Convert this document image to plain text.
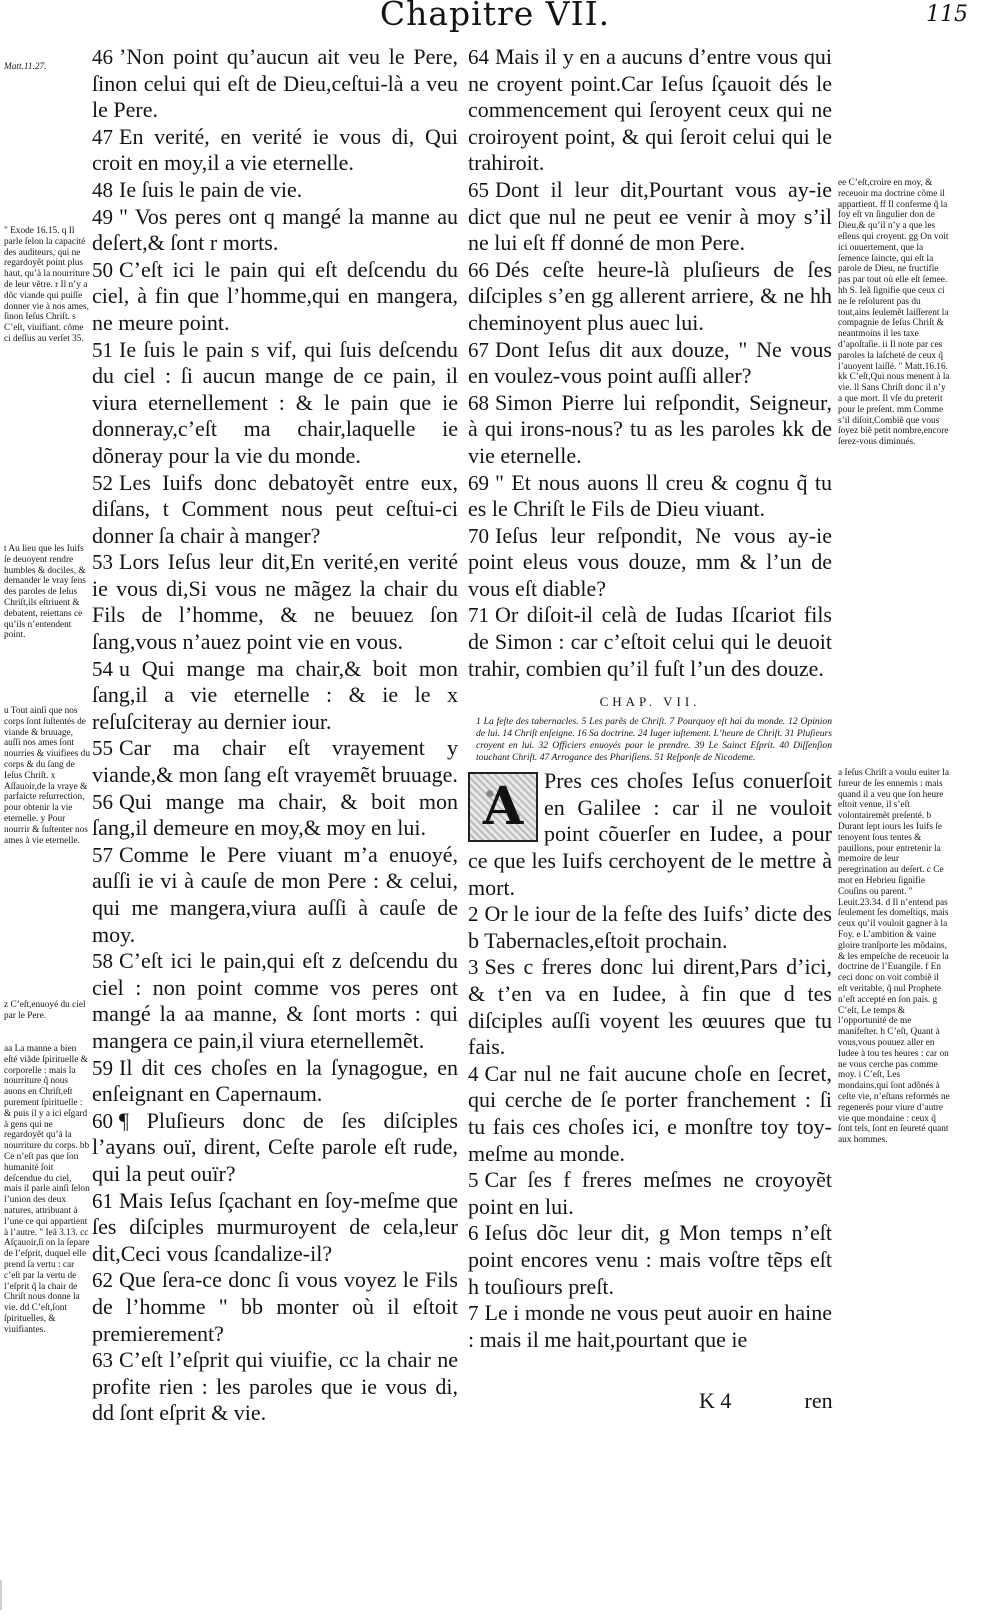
Chapitre VII.	115

Matt.11.27.

" Exode 16.15. q Il parle ſelon la capacité des auditeurs, qui ne regardoyẽt point plus haut, qu’à la nourriture de leur vẽtre. r Il n’y a dõc viande qui puiſſe donner vie à nos ames, ſinon Ieſus Chriſt. s C’eſt, viuifiant. cõme ci deſſus au verſet 35.

t Au lieu que les Iuifs ſe deuoyent rendre humbles & dociles, & demander le vray ſens des paroles de Ieſus Chriſt,ils eſtriuent & debatent, reiettans ce qu’ils n’entendent point.

u Tout ainſi que nos corps ſont ſuſtentés de viande & bruuage, auſſi nos ames ſont nourries & viuifiees du corps & du ſang de Ieſus Chriſt. x Aſſauoir,de la vraye & parfaicte reſurrection, pour obtenir la vie eternelle. y Pour nourrir & ſuſtenter nos ames à vie eternelle.

z C’eſt,enuoyé du ciel par le Pere.

aa La manne a bien eſté viãde ſpirituelle & corporelle : mais la nourriture q̃ nous auons en Chriſt,eſt purement ſpirituelle : & puis il y a ici eſgard à gens qui ne regardoyẽt qu’à la nourriture du corps. bb Ce n’eſt pas que ſon humanité ſoit deſcendue du ciel, mais il parle ainſi ſelon l’union des deux natures, attribuant à l’une ce qui appartient à l’autre. " Ieã 3.13. cc Aſçauoir,ſi on la ſepare de l’eſprit, duquel elle prend ſa vertu : car c’eſt par la vertu de l’eſprit q̃ la chair de Chriſt nous donne la vie. dd C’eſt,ſont ſpirituelles, & viuifiantes.

46 ’Non point qu’aucun ait veu le Pere, ſinon celui qui eſt de Dieu,ceſtui-là a veu le Pere.

47 En verité, en verité ie vous di, Qui croit en moy,il a vie eternelle.

48 Ie ſuis le pain de vie.

49 " Vos peres ont q mangé la manne au deſert,& ſont r morts.

50 C’eſt ici le pain qui eſt deſcendu du ciel, à fin que l’homme,qui en mangera, ne meure point.

51 Ie ſuis le pain s vif, qui ſuis deſcendu du ciel : ſi aucun mange de ce pain, il viura eternellement : & le pain que ie donneray,c’eſt ma chair,laquelle ie dõneray pour la vie du monde.

52 Les Iuifs donc debatoyẽt entre eux, diſans, t Comment nous peut ceſtui-ci donner ſa chair à manger?

53 Lors Ieſus leur dit,En verité,en verité ie vous di,Si vous ne mãgez la chair du Fils de l’homme, & ne beuuez ſon ſang,vous n’auez point vie en vous.

54 u Qui mange ma chair,& boit mon ſang,il a vie eternelle : & ie le x reſuſciteray au dernier iour.

55 Car ma chair eſt vrayement y viande,& mon ſang eſt vrayemẽt bruuage.

56 Qui mange ma chair, & boit mon ſang,il demeure en moy,& moy en lui.

57 Comme le Pere viuant m’a enuoyé, auſſi ie vi à cauſe de mon Pere : & celui, qui me mangera,viura auſſi à cauſe de moy.

58 C’eſt ici le pain,qui eſt z deſcendu du ciel : non point comme vos peres ont mangé la aa manne, & ſont morts : qui mangera ce pain,il viura eternellemẽt.

59 Il dit ces choſes en la ſynagogue, en enſeignant en Capernaum.

60 ¶ Pluſieurs donc de ſes diſciples l’ayans ouï, dirent, Ceſte parole eſt rude, qui la peut ouïr?

61 Mais Ieſus ſçachant en ſoy-meſme que ſes diſciples murmuroyent de cela,leur dit,Ceci vous ſcandalize-il?

62 Que ſera-ce donc ſi vous voyez le Fils de l’homme " bb monter où il eſtoit premierement?

63 C’eſt l’eſprit qui viuifie, cc la chair ne profite rien : les paroles que ie vous di, dd ſont eſprit & vie.

64 Mais il y en a aucuns d’entre vous qui ne croyent point.Car Ieſus ſçauoit dés le commencement qui ſeroyent ceux qui ne croiroyent point, & qui ſeroit celui qui le trahiroit.

65 Dont il leur dit,Pourtant vous ay-ie dict que nul ne peut ee venir à moy s’il ne lui eſt ff donné de mon Pere.

66 Dés ceſte heure-là pluſieurs de ſes diſciples s’en gg allerent arriere, & ne hh cheminoyent plus auec lui.

67 Dont Ieſus dit aux douze, " Ne vous en voulez-vous point auſſi aller?

68 Simon Pierre lui reſpondit, Seigneur, à qui irons-nous? tu as les paroles kk de vie eternelle.

69 " Et nous auons ll creu & cognu q̃ tu es le Chriſt le Fils de Dieu viuant.

70 Ieſus leur reſpondit, Ne vous ay-ie point eleus vous douze, mm & l’un de vous eſt diable?

71 Or diſoit-il celà de Iudas Iſcariot fils de Simon : car c’eſtoit celui qui le deuoit trahir, combien qu’il fuſt l’un des douze.

CHAP. VII.

1 La feſte des tabernacles. 5 Les parẽs de Chriſt. 7 Pourquoy eſt haï du monde. 12 Opinion de lui. 14 Chriſt enſeigne. 16 Sa doctrine. 24 Iuger iuſtement. L’heure de Chriſt. 31 Pluſieurs croyent en lui. 32 Officiers enuoyés pour le prendre. 39 Le Sainct Eſprit. 40 Diſſenſion touchant Chriſt. 47 Arrogance des Phariſiens. 51 Reſponſe de Nicodeme.

A Pres ces choſes Ieſus conuerſoit en Galilee : car il ne vouloit point cõuerſer en Iudee, a pour ce que les Iuifs cerchoyent de le mettre à mort.

2 Or le iour de la feſte des Iuifs’ dicte des b Tabernacles,eſtoit prochain.

3 Ses c freres donc lui dirent,Pars d’ici, & t’en va en Iudee, à fin que d tes diſciples auſſi voyent les œuures que tu fais.

4 Car nul ne fait aucune choſe en ſecret, qui cerche de ſe porter franchement : ſi tu fais ces choſes ici, e monſtre toy toy-meſme au monde.

5 Car ſes f freres meſmes ne croyoyẽt point en lui.

6 Ieſus dõc leur dit, g Mon temps n’eſt point encores venu : mais voſtre tẽps eſt h touſiours preſt.

7 Le i monde ne vous peut auoir en haine : mais il me hait,pourtant que ie

ee C’eſt,croire en moy, & receuoir ma doctrine cõme il appartient. ff Il conferme q̃ la foy eſt vn ſingulier don de Dieu,& qu’il n’y a que les eſleus qui croyent. gg On voit ici ouuertement, que la ſemence ſaincte, qui eſt la parole de Dieu, ne fructifie pas par tout où elle eſt ſemee. hh S. Ieã ſignifie que ceux ci ne ſe reſolurent pas du tout,ains ſeulemẽt laiſſerent la compagnie de Ieſus Chriſt & neantmoins il les taxe d’apoſtaſie. ii Il note par ces paroles la laſcheté de ceux q̃ l’auoyent laiſſé. " Matt.16.16. kk C’eſt,Qui nous menent à la vie. ll Sans Chriſt donc il n’y a que mort. Il vſe du preterit pour le preſent. mm Comme s’il diſoit,Combiẽ que vous ſoyez biẽ petit nombre,encore ſerez-vous diminués.

a Ieſus Chriſt a voulu euiter la fureur de ſes ennemis : mais quand il a veu que ſon heure eſtoit venue, il s’eſt volontairemẽt preſenté. b Durant ſept iours les Iuifs ſe tenoyent ſous tentes & pauillons, pour entretenir la memoire de leur peregrination au deſert. c Ce mot en Hebrieu ſignifie Couſins ou parent. " Leuit.23.34. d Il n’entend pas ſeulement ſes domeſtiqs, mais ceux qu’il vouloit gagner à la Foy. e L’ambition & vaine gloire tranſporte les mõdains, & les empeſche de receuoir la doctrine de l’Euangile. f En ceci donc on voit combiẽ il eſt veritable, q̃ nul Prophete n’eſt accepté en ſon païs. g C’eſt, Le temps & l’opportunité de me manifeſter. h C’eſt, Quant à vous,vous pouuez aller en Iudee à tou tes heures : car on ne vous cerche pas comme moy. i C’eſt, Les mondains,qui ſont adõnés à ceſte vie, n’eſtans reformés ne regenerés pour viure d’autre vie que mondaine : ceux q̃ ſont tels, ſont en ſeureté quant aux hommes.

K 4	ren
